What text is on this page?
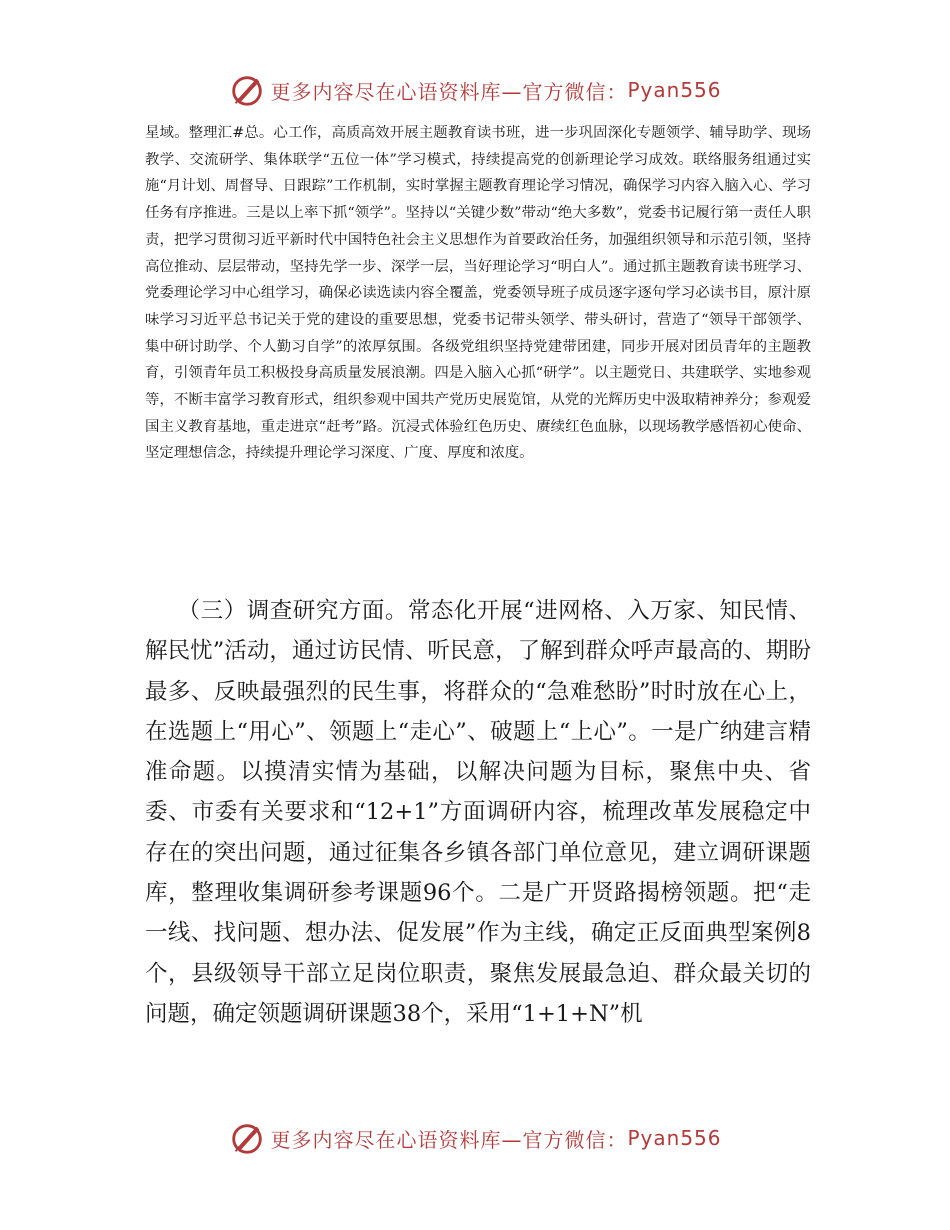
更多内容尽在心语资料库—官方微信： Pyan556

星域。整理汇#总。心工作，高质高效开展主题教育读书班，进一步巩固深化专题领学、辅导助学、现场教学、交流研学、集体联学“五位一体”学习模式，持续提高党的创新理论学习成效。联络服务组通过实施“月计划、周督导、日跟踪”工作机制，实时掌握主题教育理论学习情况，确保学习内容入脑入心、学习任务有序推进。三是以上率下抓“领学”。坚持以“关键少数”带动“绝大多数”，党委书记履行第一责任人职责，把学习贯彻习近平新时代中国特色社会主义思想作为首要政治任务，加强组织领导和示范引领，坚持高位推动、层层带动，坚持先学一步、深学一层，当好理论学习“明白人”。通过抓主题教育读书班学习、党委理论学习中心组学习，确保必读选读内容全覆盖，党委领导班子成员逐字逐句学习必读书目，原汁原味学习习近平总书记关于党的建设的重要思想，党委书记带头领学、带头研讨，营造了“领导干部领学、集中研讨助学、个人勤习自学”的浓厚氛围。各级党组织坚持党建带团建，同步开展对团员青年的主题教育，引领青年员工积极投身高质量发展浪潮。四是入脑入心抓“研学”。以主题党日、共建联学、实地参观等，不断丰富学习教育形式，组织参观中国共产党历史展览馆，从党的光辉历史中汲取精神养分；参观爱国主义教育基地，重走进京“赶考”路。沉浸式体验红色历史、赓续红色血脉，以现场教学感悟初心使命、坚定理想信念，持续提升理论学习深度、广度、厚度和浓度。

（三）调查研究方面。常态化开展“进网格、入万家、知民情、解民忧”活动，通过访民情、听民意，了解到群众呼声最高的、期盼最多、反映最强烈的民生事，将群众的“急难愁盼”时时放在心上，在选题上“用心”、领题上“走心”、破题上“上心”。一是广纳建言精准命题。以摸清实情为基础，以解决问题为目标，聚焦中央、省委、市委有关要求和“12+1”方面调研内容，梳理改革发展稳定中存在的突出问题，通过征集各乡镇各部门单位意见，建立调研课题库，整理收集调研参考课题96个。二是广开贤路揭榜领题。把“走一线、找问题、想办法、促发展”作为主线，确定正反面典型案例8个，县级领导干部立足岗位职责，聚焦发展最急迫、群众最关切的问题，确定领题调研课题38个，采用“1+1+N”机

更多内容尽在心语资料库—官方微信： Pyan556
